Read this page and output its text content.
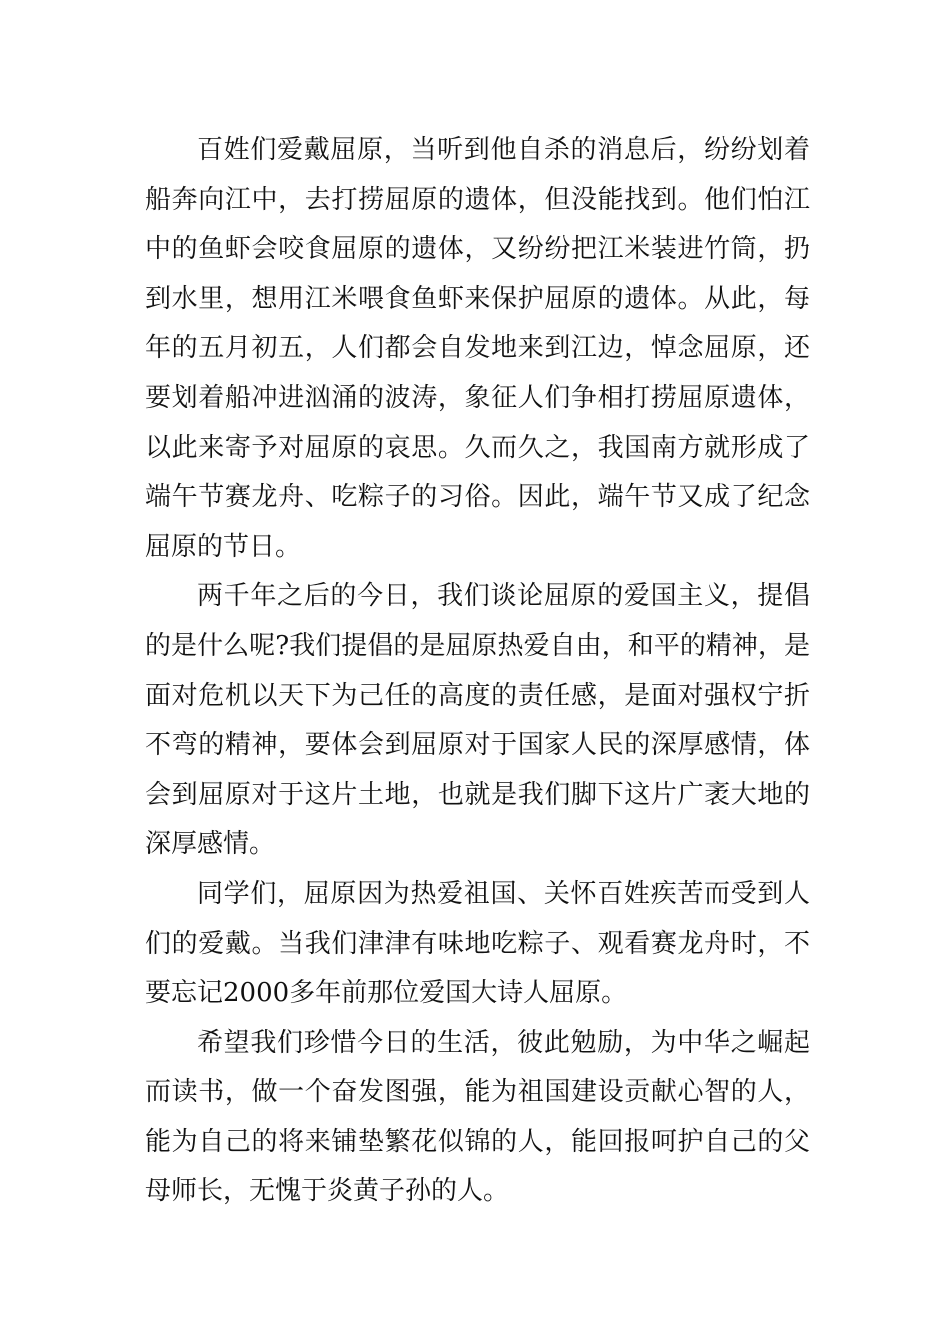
百姓们爱戴屈原，当听到他自杀的消息后，纷纷划着船奔向江中，去打捞屈原的遗体，但没能找到。他们怕江中的鱼虾会咬食屈原的遗体，又纷纷把江米装进竹筒，扔到水里，想用江米喂食鱼虾来保护屈原的遗体。从此，每年的五月初五，人们都会自发地来到江边，悼念屈原，还要划着船冲进汹涌的波涛，象征人们争相打捞屈原遗体，以此来寄予对屈原的哀思。久而久之，我国南方就形成了端午节赛龙舟、吃粽子的习俗。因此，端午节又成了纪念屈原的节日。

两千年之后的今日，我们谈论屈原的爱国主义，提倡的是什么呢?我们提倡的是屈原热爱自由，和平的精神，是面对危机以天下为己任的高度的责任感，是面对强权宁折不弯的精神，要体会到屈原对于国家人民的深厚感情，体会到屈原对于这片土地，也就是我们脚下这片广袤大地的深厚感情。

同学们，屈原因为热爱祖国、关怀百姓疾苦而受到人们的爱戴。当我们津津有味地吃粽子、观看赛龙舟时，不要忘记2000多年前那位爱国大诗人屈原。

希望我们珍惜今日的生活，彼此勉励，为中华之崛起而读书，做一个奋发图强，能为祖国建设贡献心智的人，能为自己的将来铺垫繁花似锦的人，能回报呵护自己的父母师长，无愧于炎黄子孙的人。
